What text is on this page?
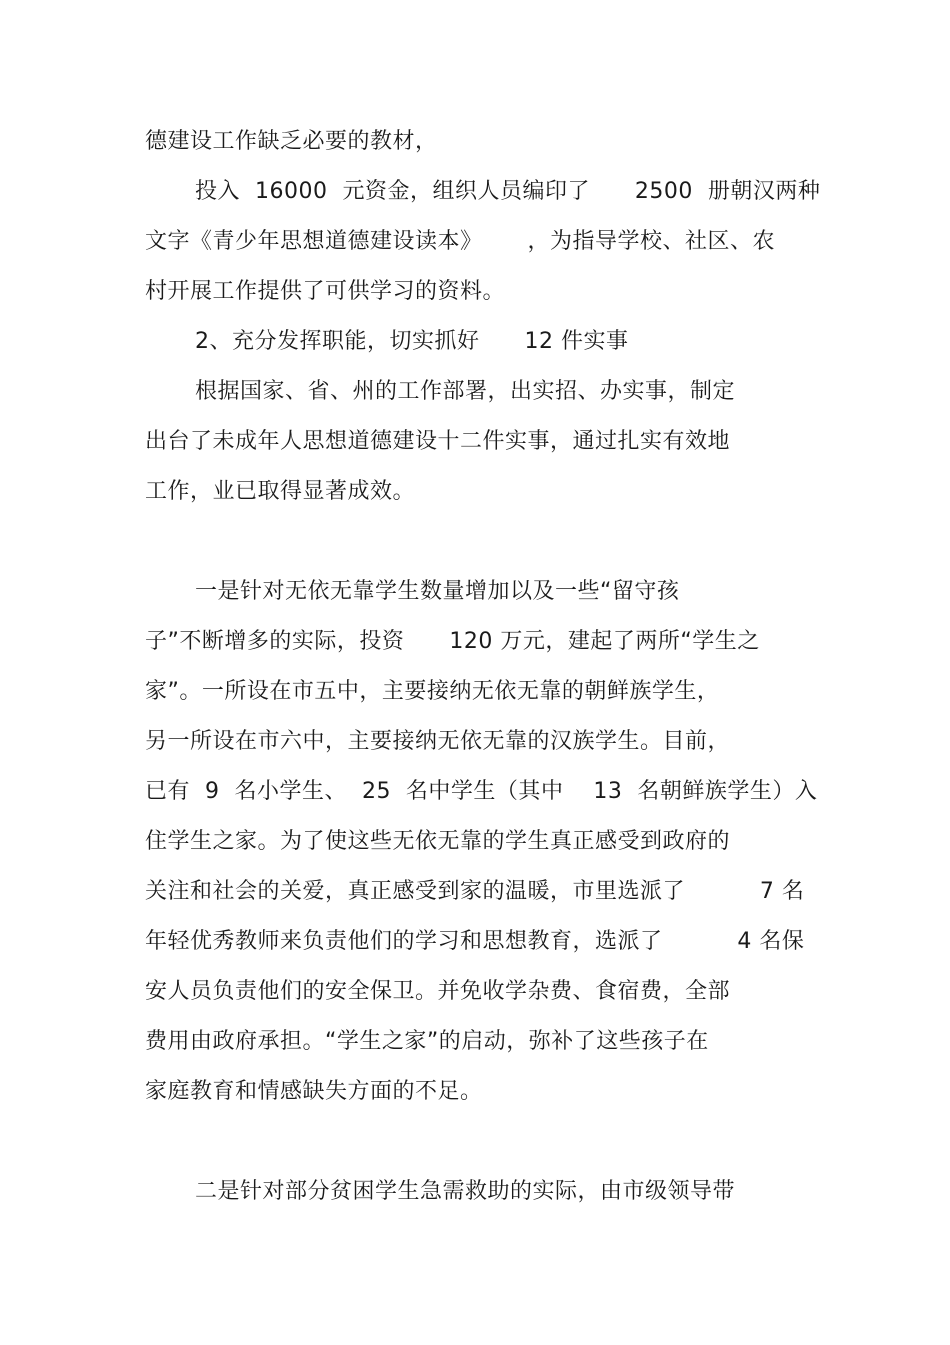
德建设工作缺乏必要的教材，
投入  16000  元资金，组织人员编印了      2500  册朝汉两种
文字《青少年思想道德建设读本》      ，为指导学校、社区、农
村开展工作提供了可供学习的资料。
2、充分发挥职能，切实抓好      12 件实事
根据国家、省、州的工作部署，出实招、办实事，制定
出台了未成年人思想道德建设十二件实事，通过扎实有效地
工作，业已取得显著成效。
一是针对无依无靠学生数量增加以及一些“留守孩
子”不断增多的实际，投资      120 万元，建起了两所“学生之
家”。一所设在市五中，主要接纳无依无靠的朝鲜族学生，
另一所设在市六中，主要接纳无依无靠的汉族学生。目前，
已有  9  名小学生、  25  名中学生（其中    13  名朝鲜族学生）入
住学生之家。为了使这些无依无靠的学生真正感受到政府的
关注和社会的关爱，真正感受到家的温暖，市里选派了          7 名
年轻优秀教师来负责他们的学习和思想教育，选派了          4 名保
安人员负责他们的安全保卫。并免收学杂费、食宿费，全部
费用由政府承担。“学生之家”的启动，弥补了这些孩子在
家庭教育和情感缺失方面的不足。
二是针对部分贫困学生急需救助的实际，由市级领导带
